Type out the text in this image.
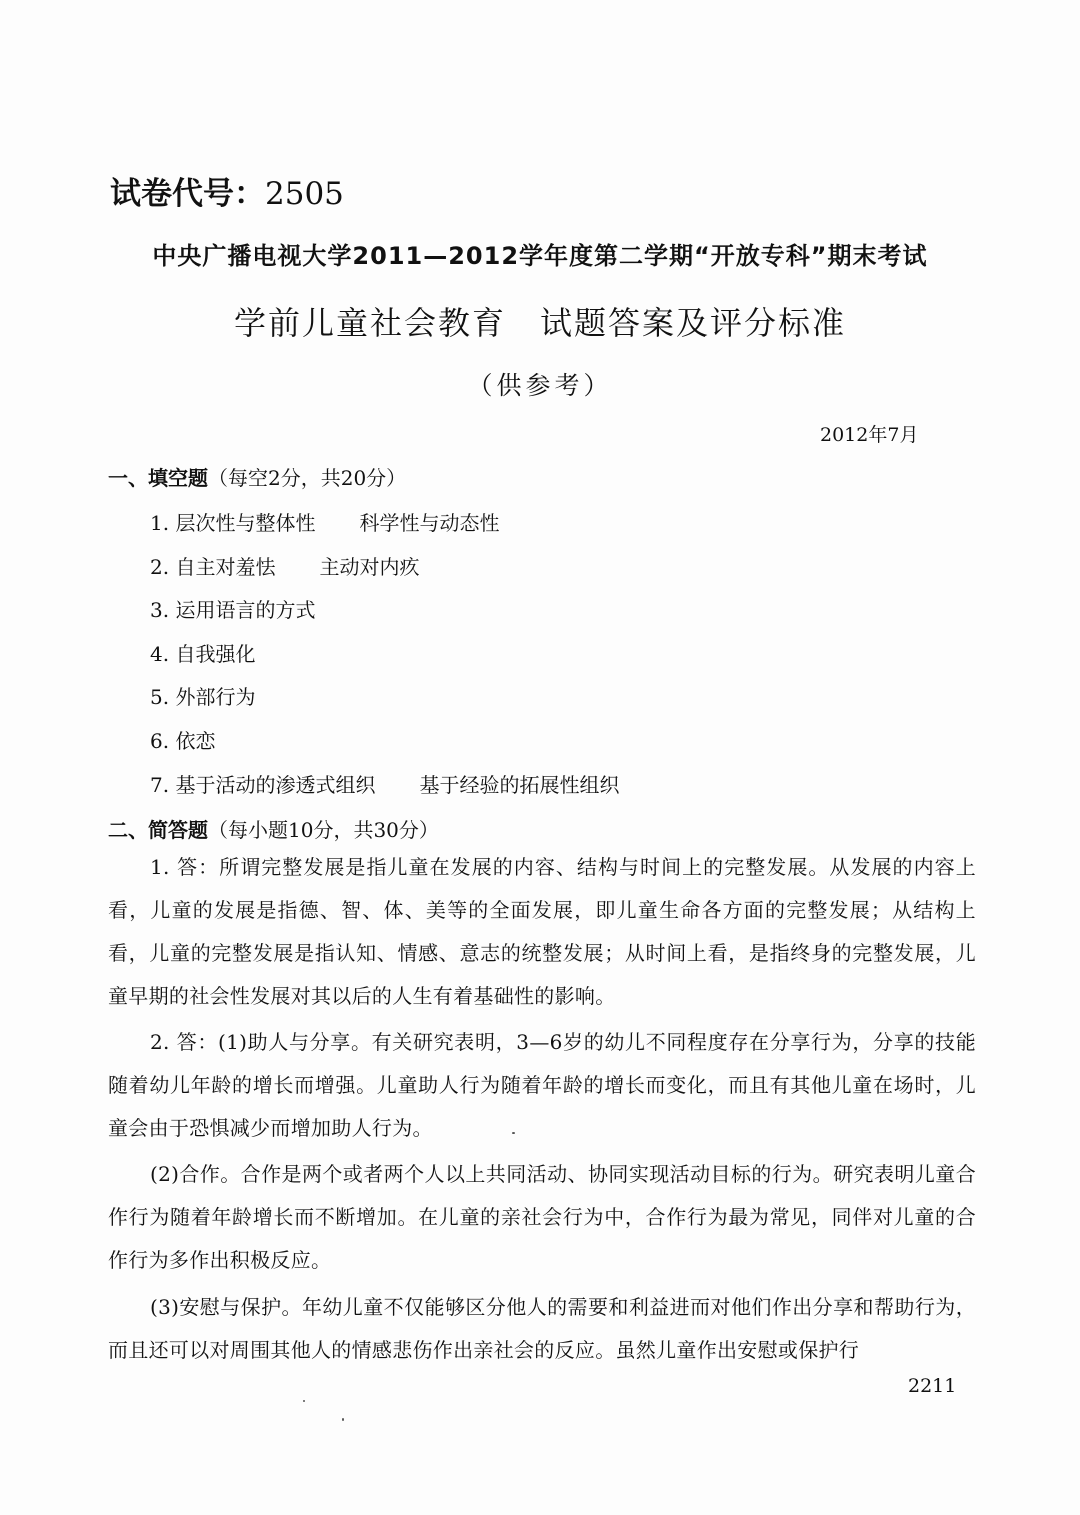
试卷代号：2505
中央广播电视大学2011—2012学年度第二学期“开放专科”期末考试
学前儿童社会教育　试题答案及评分标准
（供参考）
2012年7月
一、填空题（每空2分，共20分）
1. 层次性与整体性 科学性与动态性
2. 自主对羞怯 主动对内疚
3. 运用语言的方式
4. 自我强化
5. 外部行为
6. 依恋
7. 基于活动的渗透式组织 基于经验的拓展性组织
二、简答题（每小题10分，共30分）
1. 答：所谓完整发展是指儿童在发展的内容、结构与时间上的完整发展。从发展的内容上看，儿童的发展是指德、智、体、美等的全面发展，即儿童生命各方面的完整发展；从结构上看，儿童的完整发展是指认知、情感、意志的统整发展；从时间上看，是指终身的完整发展，儿童早期的社会性发展对其以后的人生有着基础性的影响。
2. 答：(1)助人与分享。有关研究表明，3—6岁的幼儿不同程度存在分享行为，分享的技能随着幼儿年龄的增长而增强。儿童助人行为随着年龄的增长而变化，而且有其他儿童在场时，儿童会由于恐惧减少而增加助人行为。
(2)合作。合作是两个或者两个人以上共同活动、协同实现活动目标的行为。研究表明儿童合作行为随着年龄增长而不断增加。在儿童的亲社会行为中，合作行为最为常见，同伴对儿童的合作行为多作出积极反应。
(3)安慰与保护。年幼儿童不仅能够区分他人的需要和利益进而对他们作出分享和帮助行为，而且还可以对周围其他人的情感悲伤作出亲社会的反应。虽然儿童作出安慰或保护行
2211
